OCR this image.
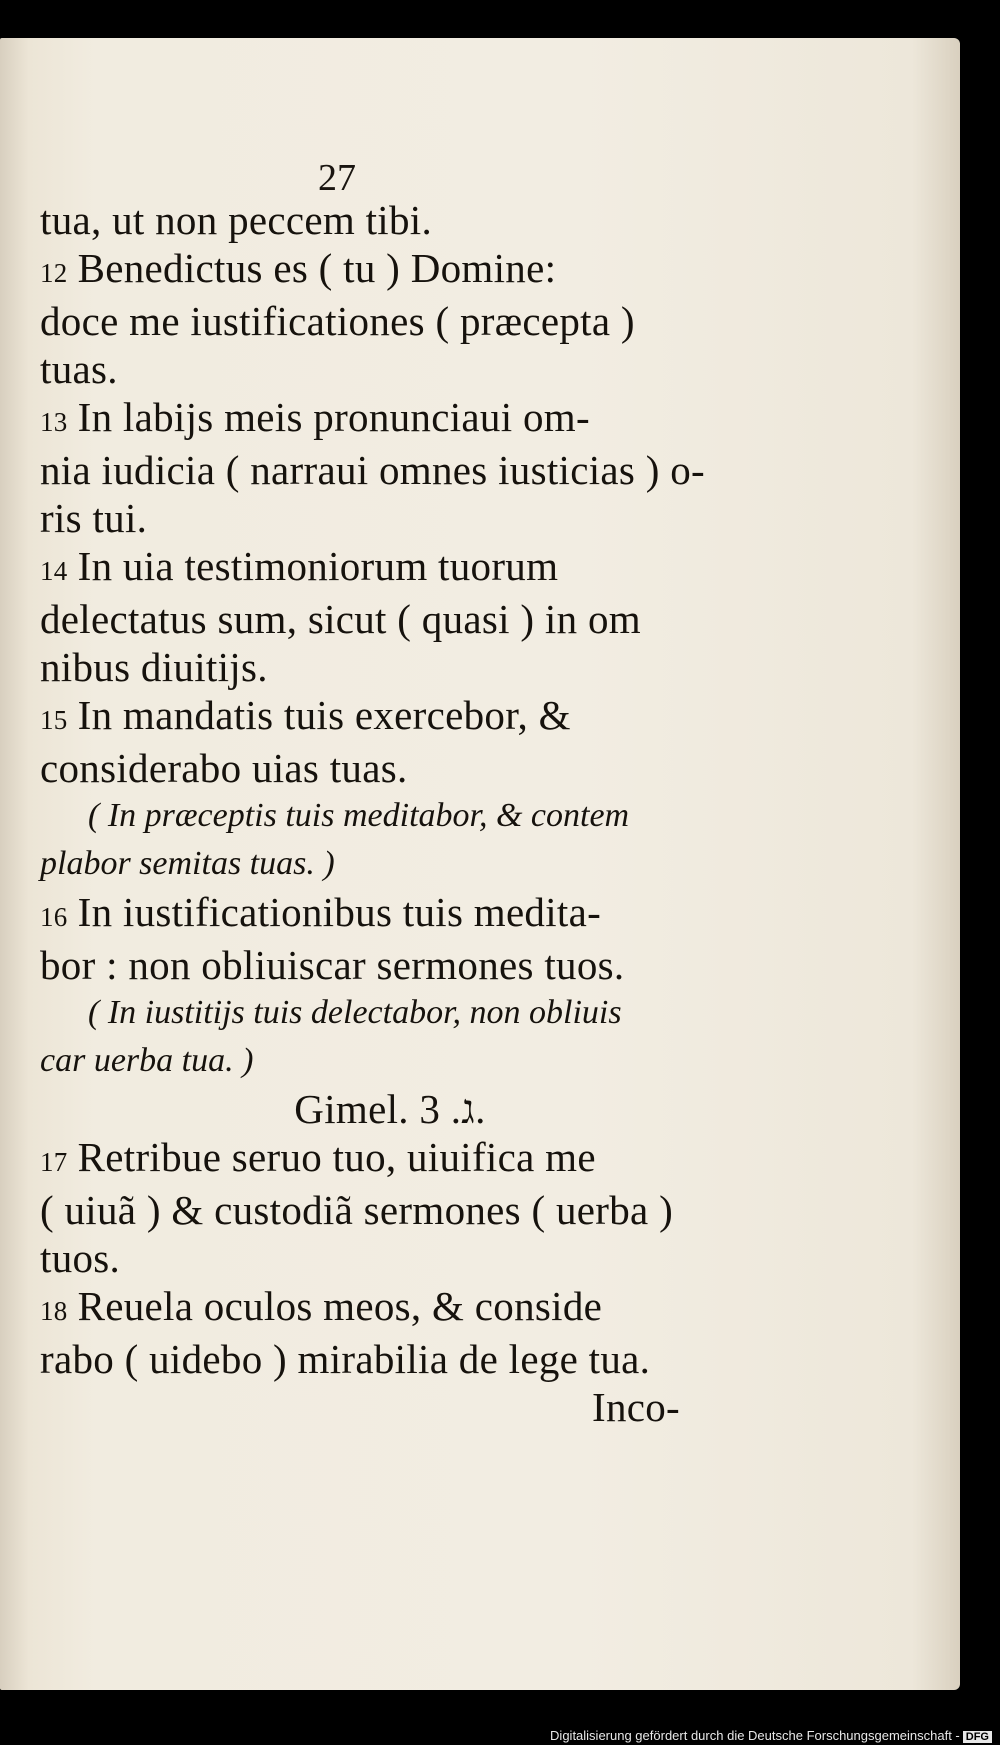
27
tua, ut non peccem tibi.
12 Benedictus es ( tu ) Domine:
doce me iustificationes ( præcepta )
tuas.
13 In labijs meis pronunciaui om-
nia iudicia ( narraui omnes iusticias ) o-
ris tui.
14 In uia testimoniorum tuorum
delectatus sum, sicut ( quasi ) in om
nibus diuitijs.
15 In mandatis tuis exercebor, &
considerabo uias tuas.
( In præceptis tuis meditabor, & contem
plabor semitas tuas. )
16 In iustificationibus tuis medita-
bor : non obliuiscar sermones tuos.
( In iustitijs tuis delectabor, non obliuis
car uerba tua. )
Gimel. ג. 3.
17 Retribue seruo tuo, uiuifica me
( uiuã ) & custodiã sermones ( uerba )
tuos.
18 Reuela oculos meos, & conside
rabo ( uidebo ) mirabilia de lege tua.
Inco-
Digitalisierung gefördert durch die Deutsche Forschungsgemeinschaft - DFG
